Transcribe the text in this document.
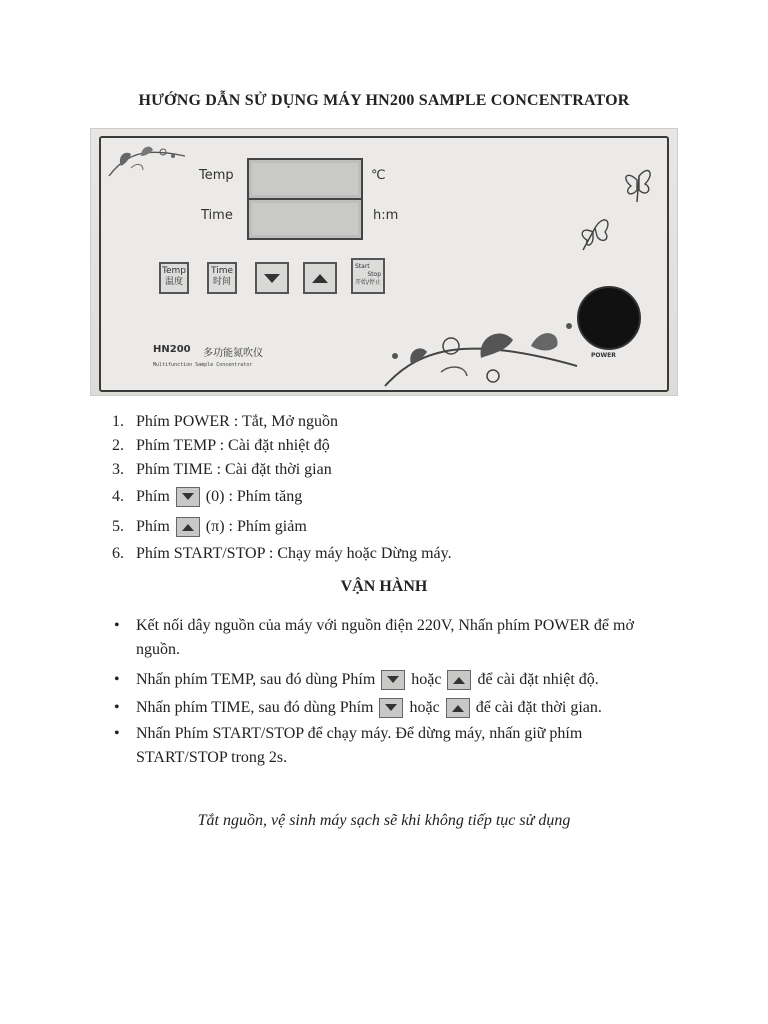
HƯỚNG DẪN SỬ DỤNG MÁY HN200 SAMPLE CONCENTRATOR
Temp	℃
Time	h:m
Temp
温度
Time
时间
Start
Stop
开始/停止
HN200 多功能氮吹仪
Multifunction Sample Concentrator
POWER
1. Phím POWER : Tắt, Mở nguồn
2. Phím TEMP : Cài đặt nhiệt độ
3. Phím TIME : Cài đặt thời gian
4. Phím (0) : Phím tăng
5. Phím (π) : Phím giảm
6. Phím START/STOP : Chạy máy hoặc Dừng máy.
VẬN HÀNH
• Kết nối dây nguồn của máy với nguồn điện 220V, Nhấn phím POWER để mở nguồn.
• Nhấn phím TEMP, sau đó dùng Phím hoặc để cài đặt nhiệt độ.
• Nhấn phím TIME, sau đó dùng Phím hoặc để cài đặt thời gian.
• Nhấn Phím START/STOP để chạy máy. Để dừng máy, nhấn giữ phím START/STOP trong 2s.
Tắt nguồn, vệ sinh máy sạch sẽ khi không tiếp tục sử dụng
